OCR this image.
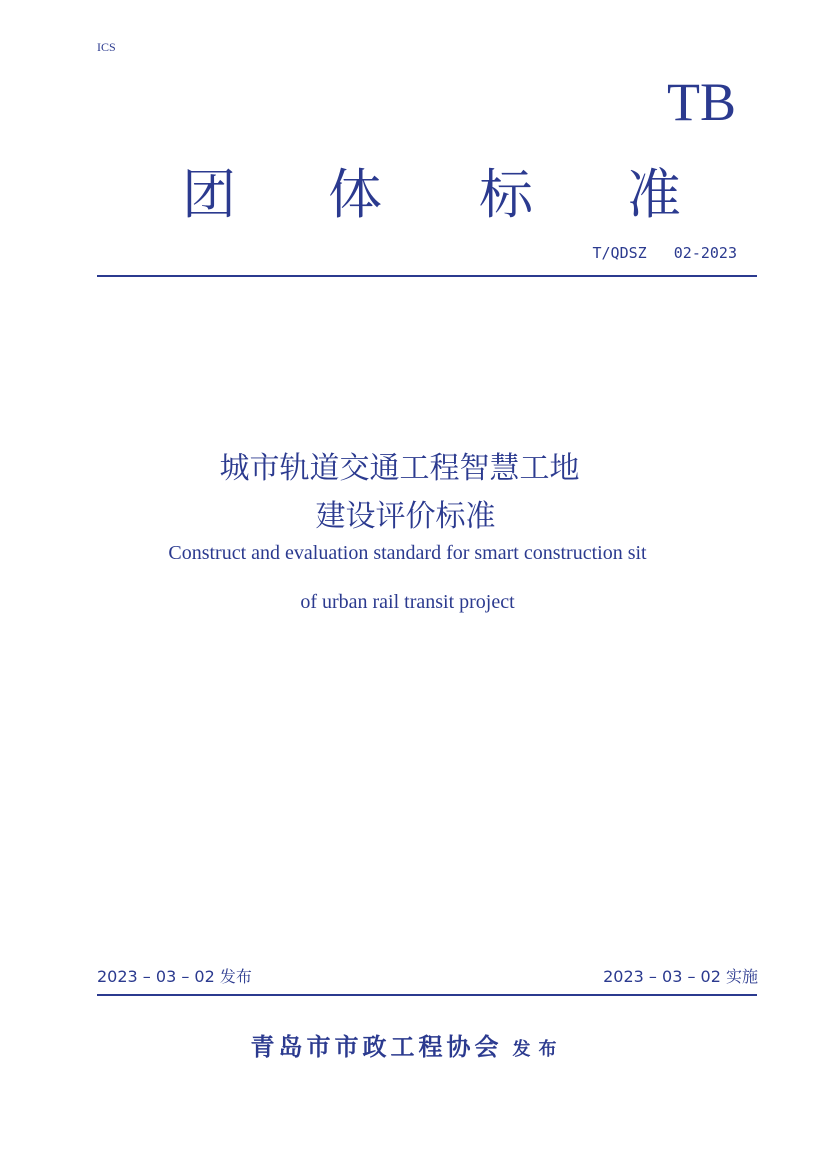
ICS
TB
团 体 标 准
T/QDSZ   02-2023
城市轨道交通工程智慧工地
建设评价标准
Construct and evaluation standard for smart construction sit
of urban rail transit project
2023 – 03 – 02 发布	2023 – 03 – 02 实施
青岛市市政工程协会 发布
